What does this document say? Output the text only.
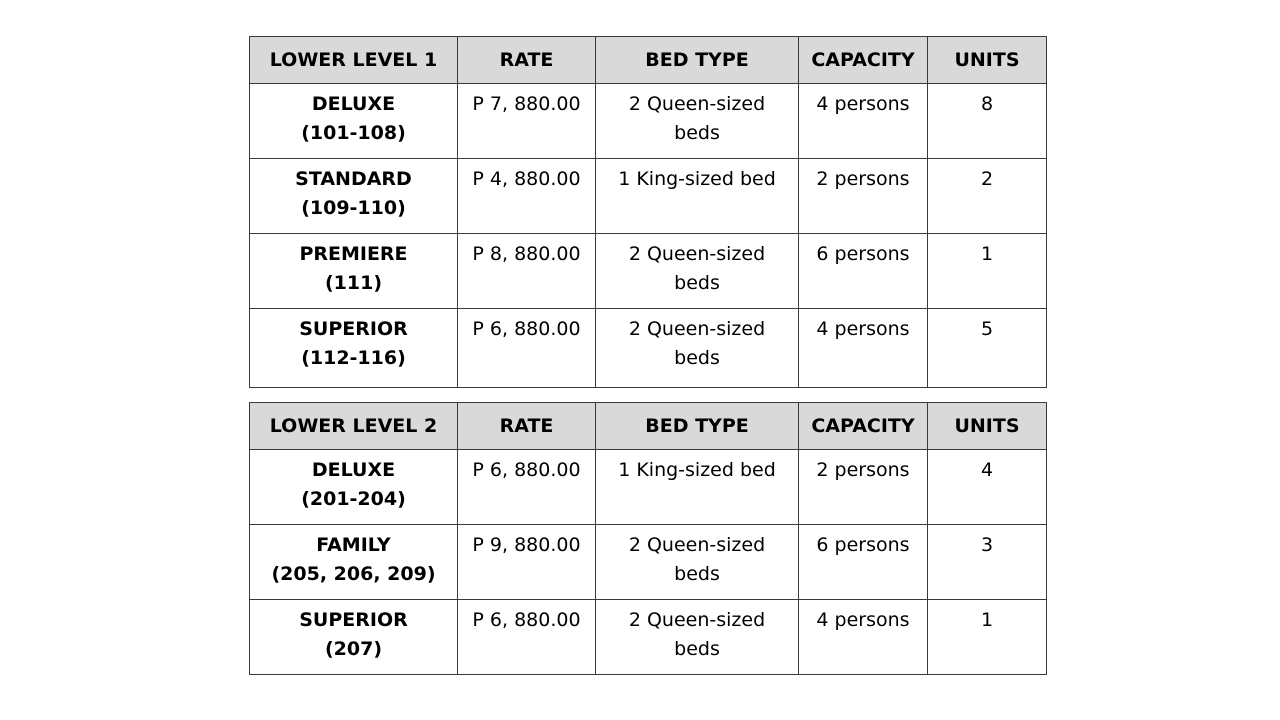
LOWER LEVEL 1	RATE	BED TYPE	CAPACITY	UNITS

DELUXE
(101-108)	P 7, 880.00	2 Queen-sized beds	4 persons	8

STANDARD
(109-110)	P 4, 880.00	1 King-sized bed	2 persons	2

PREMIERE
(111)	P 8, 880.00	2 Queen-sized beds	6 persons	1

SUPERIOR
(112-116)	P 6, 880.00	2 Queen-sized beds	4 persons	5
LOWER LEVEL 2	RATE	BED TYPE	CAPACITY	UNITS

DELUXE
(201-204)	P 6, 880.00	1 King-sized bed	2 persons	4

FAMILY
(205, 206, 209)	P 9, 880.00	2 Queen-sized beds	6 persons	3

SUPERIOR
(207)	P 6, 880.00	2 Queen-sized beds	4 persons	1
